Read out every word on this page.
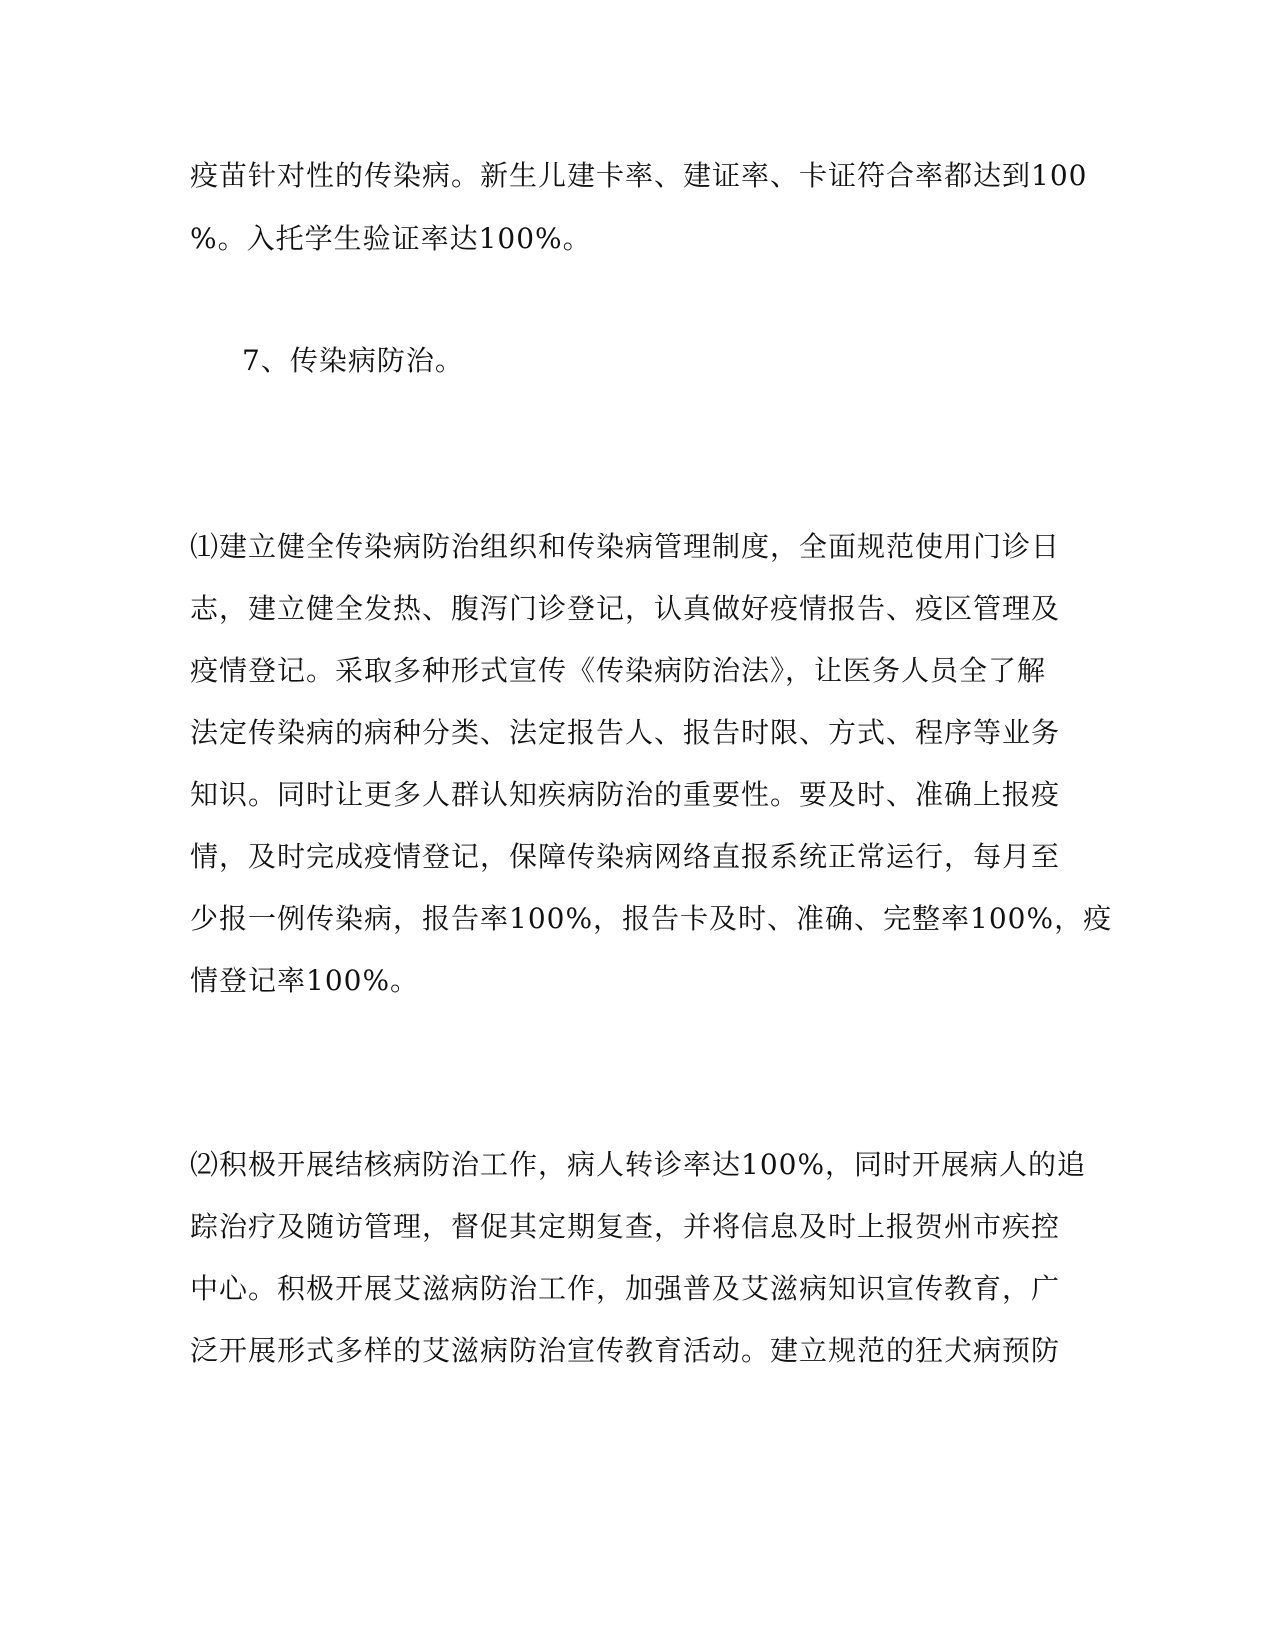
疫苗针对性的传染病。新生儿建卡率、建证率、卡证符合率都达到100
%。入托学生验证率达100%。
7、传染病防治。
⑴建立健全传染病防治组织和传染病管理制度，全面规范使用门诊日
志，建立健全发热、腹泻门诊登记，认真做好疫情报告、疫区管理及
疫情登记。采取多种形式宣传《传染病防治法》，让医务人员全了解
法定传染病的病种分类、法定报告人、报告时限、方式、程序等业务
知识。同时让更多人群认知疾病防治的重要性。要及时、准确上报疫
情，及时完成疫情登记，保障传染病网络直报系统正常运行，每月至
少报一例传染病，报告率100%，报告卡及时、准确、完整率100%，疫
情登记率100%。
⑵积极开展结核病防治工作，病人转诊率达100%，同时开展病人的追
踪治疗及随访管理，督促其定期复查，并将信息及时上报贺州市疾控
中心。积极开展艾滋病防治工作，加强普及艾滋病知识宣传教育，广
泛开展形式多样的艾滋病防治宣传教育活动。建立规范的狂犬病预防
